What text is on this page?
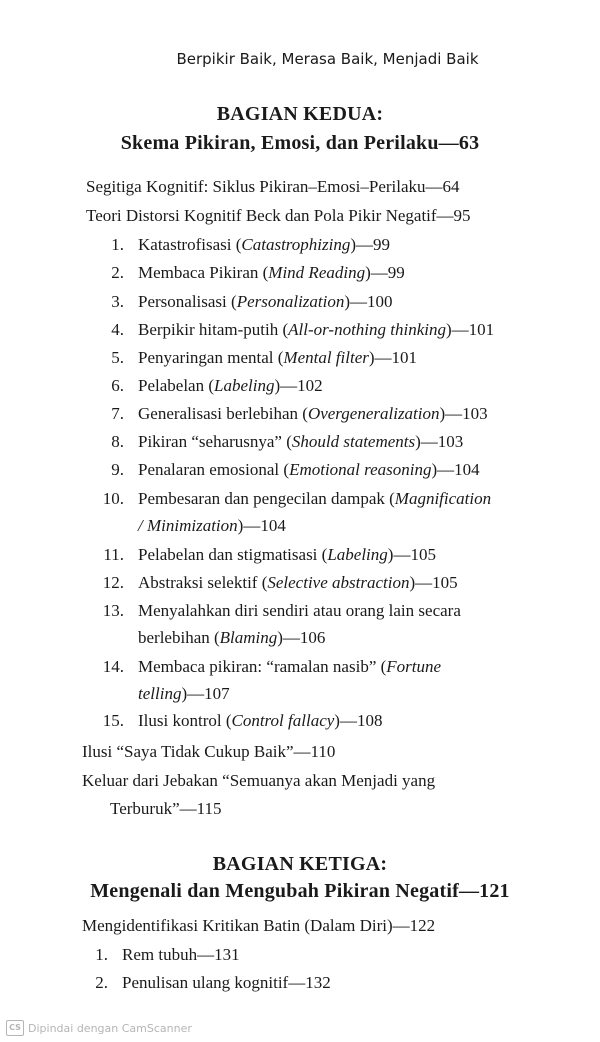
Berpikir Baik, Merasa Baik, Menjadi Baik
BAGIAN KEDUA:
Skema Pikiran, Emosi, dan Perilaku—63
Segitiga Kognitif: Siklus Pikiran–Emosi–Perilaku—64
Teori Distorsi Kognitif Beck dan Pola Pikir Negatif—95
1. Katastrofisasi (Catastrophizing)—99
2. Membaca Pikiran (Mind Reading)—99
3. Personalisasi (Personalization)—100
4. Berpikir hitam-putih (All-or-nothing thinking)—101
5. Penyaringan mental (Mental filter)—101
6. Pelabelan (Labeling)—102
7. Generalisasi berlebihan (Overgeneralization)—103
8. Pikiran “seharusnya” (Should statements)—103
9. Penalaran emosional (Emotional reasoning)—104
10. Pembesaran dan pengecilan dampak (Magnification
/ Minimization)—104
11. Pelabelan dan stigmatisasi (Labeling)—105
12. Abstraksi selektif (Selective abstraction)—105
13. Menyalahkan diri sendiri atau orang lain secara
berlebihan (Blaming)—106
14. Membaca pikiran: “ramalan nasib” (Fortune
telling)—107
15. Ilusi kontrol (Control fallacy)—108
Ilusi “Saya Tidak Cukup Baik”—110
Keluar dari Jebakan “Semuanya akan Menjadi yang
Terburuk”—115
BAGIAN KETIGA:
Mengenali dan Mengubah Pikiran Negatif—121
Mengidentifikasi Kritikan Batin (Dalam Diri)—122
1. Rem tubuh—131
2. Penulisan ulang kognitif—132
CS Dipindai dengan CamScanner
